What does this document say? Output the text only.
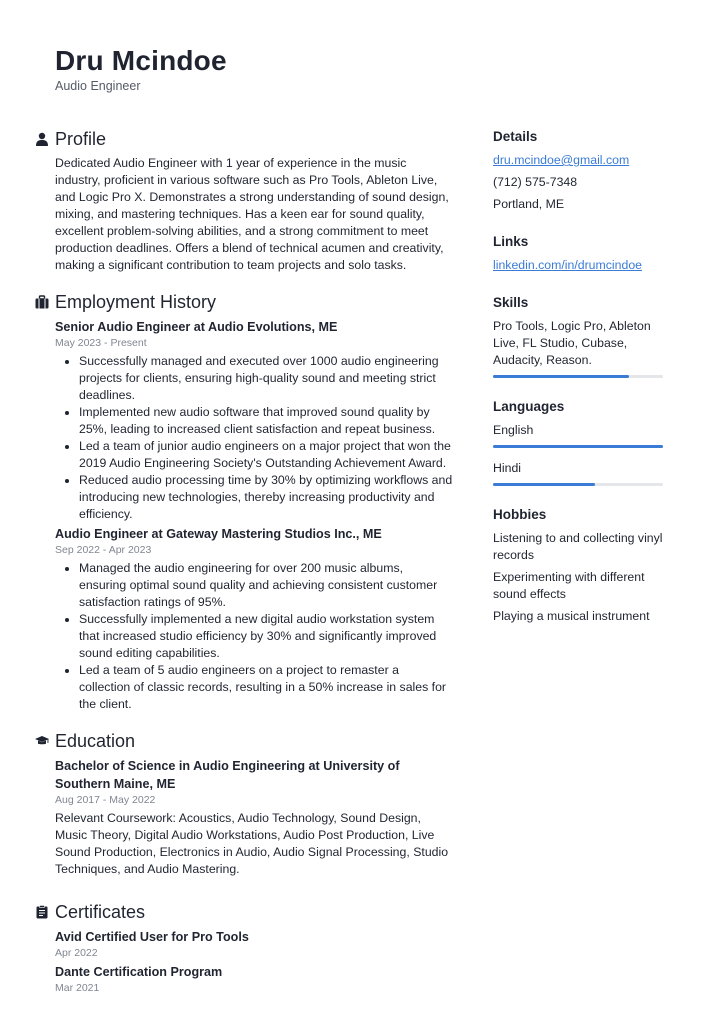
Dru Mcindoe
Audio Engineer
Profile
Dedicated Audio Engineer with 1 year of experience in the music industry, proficient in various software such as Pro Tools, Ableton Live, and Logic Pro X. Demonstrates a strong understanding of sound design, mixing, and mastering techniques. Has a keen ear for sound quality, excellent problem-solving abilities, and a strong commitment to meet production deadlines. Offers a blend of technical acumen and creativity, making a significant contribution to team projects and solo tasks.
Employment History
Senior Audio Engineer at Audio Evolutions, ME
May 2023 - Present
• Successfully managed and executed over 1000 audio engineering projects for clients, ensuring high-quality sound and meeting strict deadlines.
• Implemented new audio software that improved sound quality by 25%, leading to increased client satisfaction and repeat business.
• Led a team of junior audio engineers on a major project that won the 2019 Audio Engineering Society's Outstanding Achievement Award.
• Reduced audio processing time by 30% by optimizing workflows and introducing new technologies, thereby increasing productivity and efficiency.
Audio Engineer at Gateway Mastering Studios Inc., ME
Sep 2022 - Apr 2023
• Managed the audio engineering for over 200 music albums, ensuring optimal sound quality and achieving consistent customer satisfaction ratings of 95%.
• Successfully implemented a new digital audio workstation system that increased studio efficiency by 30% and significantly improved sound editing capabilities.
• Led a team of 5 audio engineers on a project to remaster a collection of classic records, resulting in a 50% increase in sales for the client.
Education
Bachelor of Science in Audio Engineering at University of Southern Maine, ME
Aug 2017 - May 2022
Relevant Coursework: Acoustics, Audio Technology, Sound Design, Music Theory, Digital Audio Workstations, Audio Post Production, Live Sound Production, Electronics in Audio, Audio Signal Processing, Studio Techniques, and Audio Mastering.
Certificates
Avid Certified User for Pro Tools
Apr 2022
Dante Certification Program
Mar 2021
Details
dru.mcindoe@gmail.com
(712) 575-7348
Portland, ME
Links
linkedin.com/in/drumcindoe
Skills
Pro Tools, Logic Pro, Ableton Live, FL Studio, Cubase, Audacity, Reason.
Languages
English
Hindi
Hobbies
Listening to and collecting vinyl records
Experimenting with different sound effects
Playing a musical instrument
